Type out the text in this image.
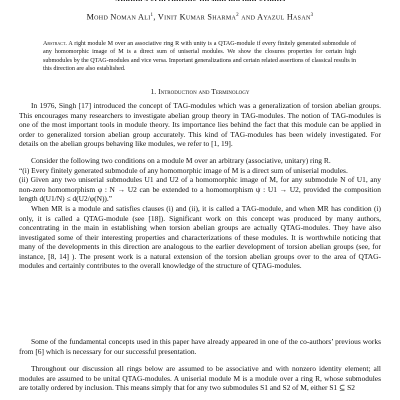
Mohd Noman Ali$^1$, Vinit Kumar Sharma$^2$ and Ayazul Hasan$^3$

Abstract. A right module M over an associative ring R with unity is a QTAG-module if every finitely generated submodule of any homomorphic image of M is a direct sum of uniserial modules. We show the closures properties for certain high submodules by the QTAG-modules and vice versa. Important generalizations and certain related assertions of classical results in this direction are also established.

1. Introduction and Terminology

In 1976, Singh [17] introduced the concept of TAG-modules which was a generalization of torsion abelian groups. This encourages many researchers to investigate abelian group theory in TAG-modules. The notion of TAG-modules is one of the most important tools in module theory. Its importance lies behind the fact that this module can be applied in order to generalized torsion abelian group accurately. This kind of TAG-modules has been widely investigated. For details on the abelian groups behaving like modules, we refer to [1, 19].

Consider the following two conditions on a module M over an arbitrary (associative, unitary) ring R.

“(i) Every finitely generated submodule of any homomorphic image of M is a direct sum of uniserial modules.

(ii) Given any two uniserial submodules U1 and U2 of a homomorphic image of M, for any submodule N of U1, any non-zero homomorphism φ : N → U2 can be extended to a homomorphism ψ : U1 → U2, provided the composition length d(U1/N) ≤ d(U2/φ(N)).”

When MR is a module and satisfies clauses (i) and (ii), it is called a TAG-module, and when MR has condition (i) only, it is called a QTAG-module (see [18]). Significant work on this concept was produced by many authors, concentrating in the main in establishing when torsion abelian groups are actually QTAG-modules. They have also investigated some of their interesting properties and characterizations of these modules. It is worthwhile noticing that many of the developments in this direction are analogous to the earlier development of torsion abelian groups (see, for instance, [8, 14] ). The present work is a natural extension of the torsion abelian groups over to the area of QTAG-modules and certainly contributes to the overall knowledge of the structure of QTAG-modules.

Some of the fundamental concepts used in this paper have already appeared in one of the co-authors’ previous works from [6] which is necessary for our successful presentation.

Throughout our discussion all rings below are assumed to be associative and with nonzero identity element; all modules are assumed to be unital QTAG-modules. A uniserial module M is a module over a ring R, whose submodules are totally ordered by inclusion. This means simply that for any two submodules S1 and S2 of M, either S1 ⊆ S2
